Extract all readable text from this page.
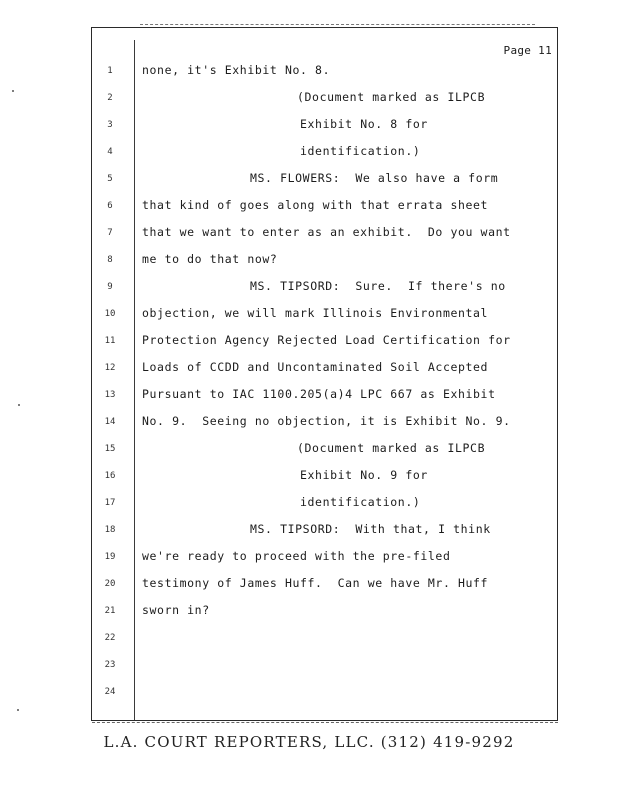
Page 11
1	none, it's Exhibit No. 8.
2	(Document marked as ILPCB
3	Exhibit No. 8 for
4	identification.)
5	MS. FLOWERS:  We also have a form
6	that kind of goes along with that errata sheet
7	that we want to enter as an exhibit.  Do you want
8	me to do that now?
9	MS. TIPSORD:  Sure.  If there's no
10	objection, we will mark Illinois Environmental
11	Protection Agency Rejected Load Certification for
12	Loads of CCDD and Uncontaminated Soil Accepted
13	Pursuant to IAC 1100.205(a)4 LPC 667 as Exhibit
14	No. 9.  Seeing no objection, it is Exhibit No. 9.
15	(Document marked as ILPCB
16	Exhibit No. 9 for
17	identification.)
18	MS. TIPSORD:  With that, I think
19	we're ready to proceed with the pre-filed
20	testimony of James Huff.  Can we have Mr. Huff
21	sworn in?
22
23
24
L.A. COURT REPORTERS, LLC. (312) 419-9292
